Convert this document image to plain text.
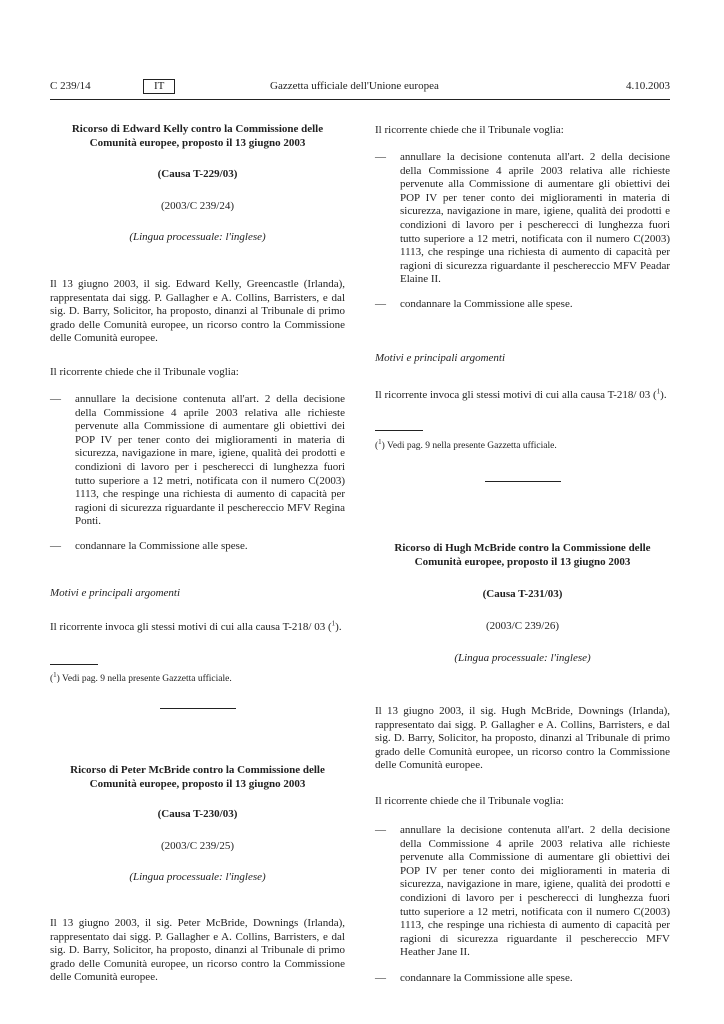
C 239/14	IT	Gazzetta ufficiale dell'Unione europea	4.10.2003

Ricorso di Edward Kelly contro la Commissione delle Comunità europee, proposto il 13 giugno 2003

(Causa T-229/03)

(2003/C 239/24)

(Lingua processuale: l'inglese)

Il 13 giugno 2003, il sig. Edward Kelly, Greencastle (Irlanda), rappresentata dai sigg. P. Gallagher e A. Collins, Barristers, e dal sig. D. Barry, Solicitor, ha proposto, dinanzi al Tribunale di primo grado delle Comunità europee, un ricorso contro la Commissione delle Comunità europee.

Il ricorrente chiede che il Tribunale voglia:

—	annullare la decisione contenuta all'art. 2 della decisione della Commissione 4 aprile 2003 relativa alle richieste pervenute alla Commissione di aumentare gli obiettivi dei POP IV per tener conto dei miglioramenti in materia di sicurezza, navigazione in mare, igiene, qualità dei prodotti e condizioni di lavoro per i pescherecci di lunghezza fuori tutto superiore a 12 metri, notificata con il numero C(2003) 1113, che respinge una richiesta di aumento di capacità per ragioni di sicurezza riguardante il peschereccio MFV Regina Ponti.
—	condannare la Commissione alle spese.

Motivi e principali argomenti

Il ricorrente invoca gli stessi motivi di cui alla causa T-218/ 03 ($^1$).

($^1$) Vedi pag. 9 nella presente Gazzetta ufficiale.

Ricorso di Peter McBride contro la Commissione delle Comunità europee, proposto il 13 giugno 2003

(Causa T-230/03)

(2003/C 239/25)

(Lingua processuale: l'inglese)

Il 13 giugno 2003, il sig. Peter McBride, Downings (Irlanda), rappresentato dai sigg. P. Gallagher e A. Collins, Barristers, e dal sig. D. Barry, Solicitor, ha proposto, dinanzi al Tribunale di primo grado delle Comunità europee, un ricorso contro la Commissione delle Comunità europee.

Il ricorrente chiede che il Tribunale voglia:

—	annullare la decisione contenuta all'art. 2 della decisione della Commissione 4 aprile 2003 relativa alle richieste pervenute alla Commissione di aumentare gli obiettivi dei POP IV per tener conto dei miglioramenti in materia di sicurezza, navigazione in mare, igiene, qualità dei prodotti e condizioni di lavoro per i pescherecci di lunghezza fuori tutto superiore a 12 metri, notificata con il numero C(2003) 1113, che respinge una richiesta di aumento di capacità per ragioni di sicurezza riguardante il peschereccio MFV Peadar Elaine II.
—	condannare la Commissione alle spese.

Motivi e principali argomenti

Il ricorrente invoca gli stessi motivi di cui alla causa T-218/ 03 ($^1$).

($^1$) Vedi pag. 9 nella presente Gazzetta ufficiale.

Ricorso di Hugh McBride contro la Commissione delle Comunità europee, proposto il 13 giugno 2003

(Causa T-231/03)

(2003/C 239/26)

(Lingua processuale: l'inglese)

Il 13 giugno 2003, il sig. Hugh McBride, Downings (Irlanda), rappresentato dai sigg. P. Gallagher e A. Collins, Barristers, e dal sig. D. Barry, Solicitor, ha proposto, dinanzi al Tribunale di primo grado delle Comunità europee, un ricorso contro la Commissione delle Comunità europee.

Il ricorrente chiede che il Tribunale voglia:

—	annullare la decisione contenuta all'art. 2 della decisione della Commissione 4 aprile 2003 relativa alle richieste pervenute alla Commissione di aumentare gli obiettivi dei POP IV per tener conto dei miglioramenti in materia di sicurezza, navigazione in mare, igiene, qualità dei prodotti e condizioni di lavoro per i pescherecci di lunghezza fuori tutto superiore a 12 metri, notificata con il numero C(2003) 1113, che respinge una richiesta di aumento di capacità per ragioni di sicurezza riguardante il peschereccio MFV Heather Jane II.
—	condannare la Commissione alle spese.
